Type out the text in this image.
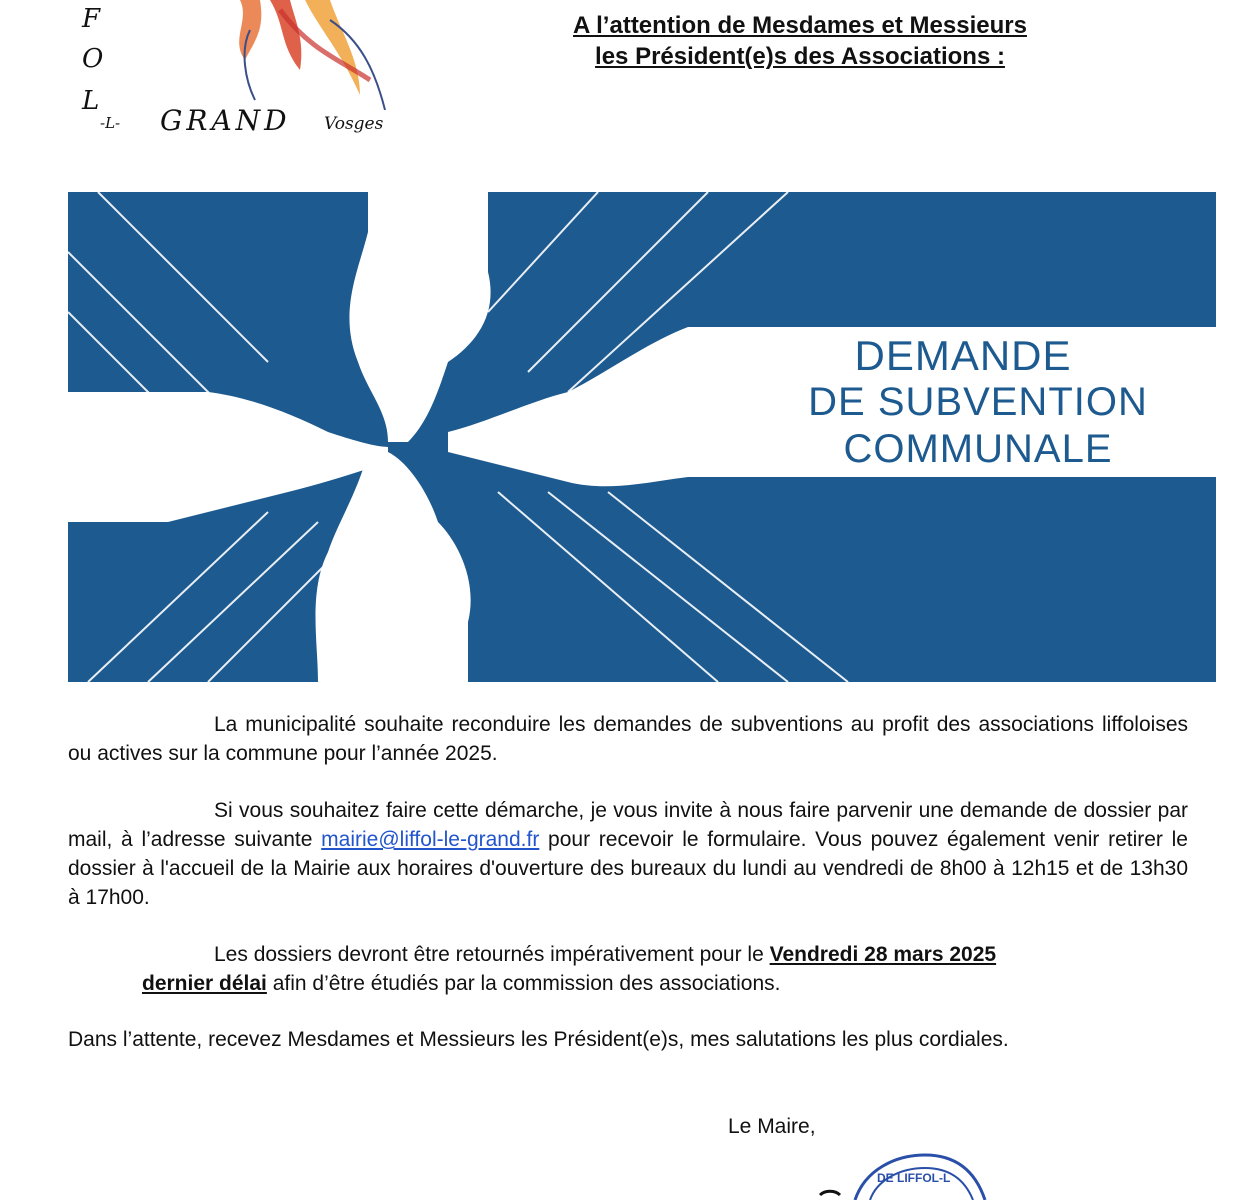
F
O
L
-L- GRAND Vosges
A l’attention de Mesdames et Messieurs
les Président(e)s des Associations :
DEMANDE
DE SUBVENTION
COMMUNALE
La municipalité souhaite reconduire les demandes de subventions au profit des associations liffoloises ou actives sur la commune pour l’année 2025.
Si vous souhaitez faire cette démarche, je vous invite à nous faire parvenir une demande de dossier par mail, à l’adresse suivante mairie@liffol-le-grand.fr pour recevoir le formulaire. Vous pouvez également venir retirer le dossier à l'accueil de la Mairie aux horaires d'ouverture des bureaux du lundi au vendredi de 8h00 à 12h15 et de 13h30 à 17h00.
Les dossiers devront être retournés impérativement pour le Vendredi 28 mars 2025
dernier délai afin d’être étudiés par la commission des associations.
Dans l’attente, recevez Mesdames et Messieurs les Président(e)s, mes salutations les plus cordiales.
Le Maire,
DE LIFFOL-L
